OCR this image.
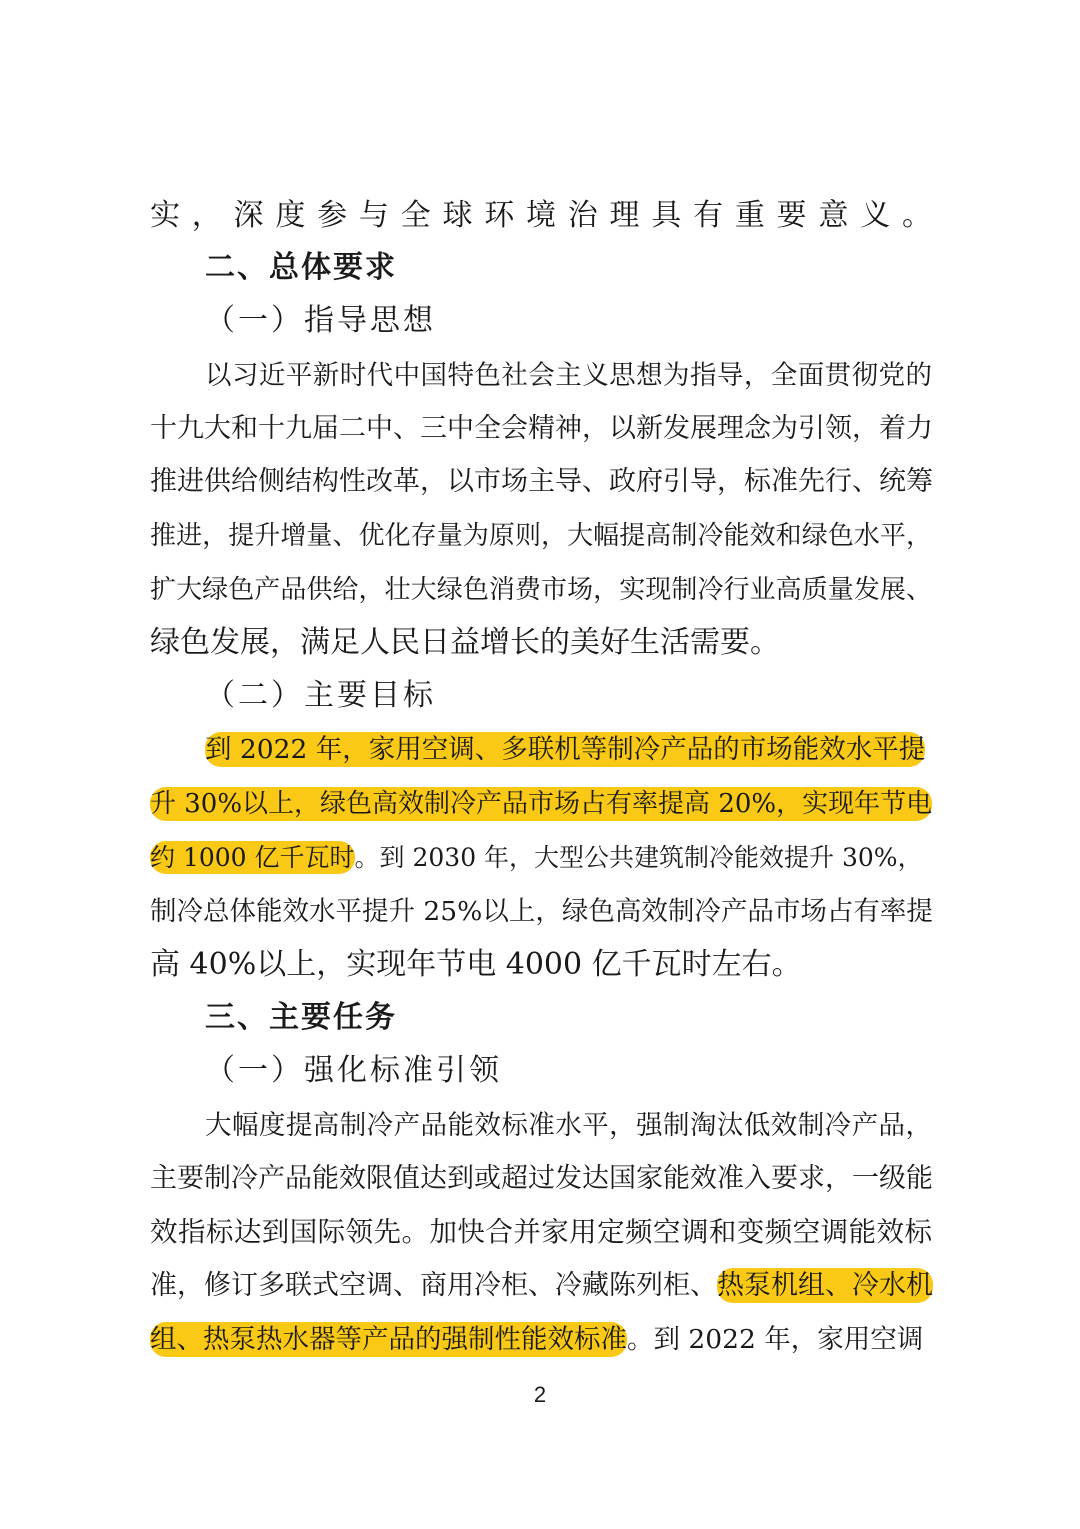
实，深度参与全球环境治理具有重要意义。
二、总体要求
（一）指导思想
以习近平新时代中国特色社会主义思想为指导，全面贯彻党的
十九大和十九届二中、三中全会精神，以新发展理念为引领，着力
推进供给侧结构性改革，以市场主导、政府引导，标准先行、统筹
推进，提升增量、优化存量为原则，大幅提高制冷能效和绿色水平，
扩大绿色产品供给，壮大绿色消费市场，实现制冷行业高质量发展、
绿色发展，满足人民日益增长的美好生活需要。
（二）主要目标
到 2022 年，家用空调、多联机等制冷产品的市场能效水平提
升 30%以上，绿色高效制冷产品市场占有率提高 20%，实现年节电
约 1000 亿千瓦时。到 2030 年，大型公共建筑制冷能效提升 30%，
制冷总体能效水平提升 25%以上，绿色高效制冷产品市场占有率提
高 40%以上，实现年节电 4000 亿千瓦时左右。
三、主要任务
（一）强化标准引领
大幅度提高制冷产品能效标准水平，强制淘汰低效制冷产品，
主要制冷产品能效限值达到或超过发达国家能效准入要求，一级能
效指标达到国际领先。加快合并家用定频空调和变频空调能效标
准，修订多联式空调、商用冷柜、冷藏陈列柜、热泵机组、冷水机
组、热泵热水器等产品的强制性能效标准。到 2022 年，家用空调
2
